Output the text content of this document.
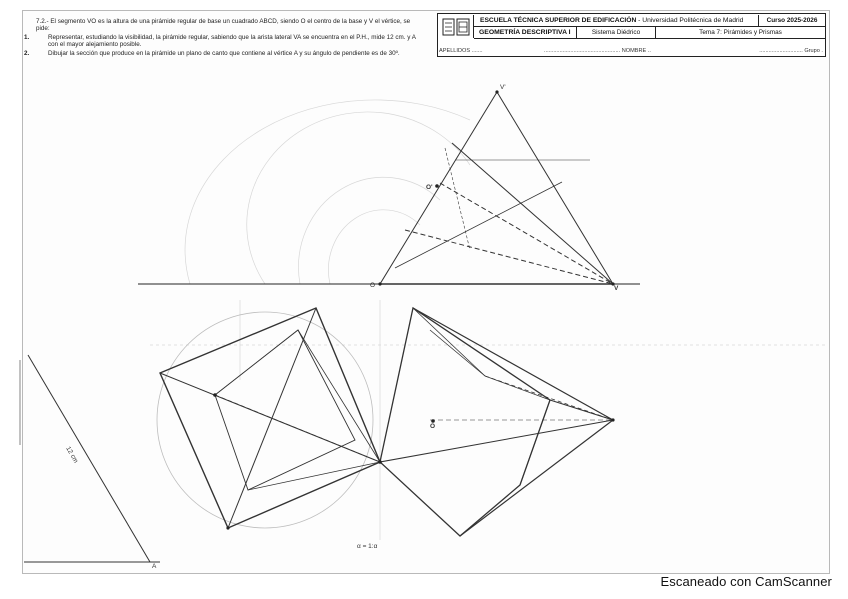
7.2.- El segmento VO es la altura de una pirámide regular de base un cuadrado ABCD, siendo O el centro de la base y V el vértice, se pide:

1.	Representar, estudiando la visibilidad, la pirámide regular, sabiendo que la arista lateral VA se encuentra en el P.H., mide 12 cm. y A con el mayor alejamiento posible.

2.	Dibujar la sección que produce en la pirámide un plano de canto que contiene al vértice A y su ángulo de pendiente es de 30º.

ESCUELA TÉCNICA SUPERIOR DE EDIFICACIÓN - Universidad Politécnica de Madrid	Curso 2025-2026
GEOMETRÍA DESCRIPTIVA I	Sistema Diédrico	Tema 7: Pirámides y Prismas
APELLIDOS .......	................................................. NOMBRE ..	............................ Grupo .
V'
O'
V
O
O
A
12 cm
α = 1:α
Escaneado con CamScanner
